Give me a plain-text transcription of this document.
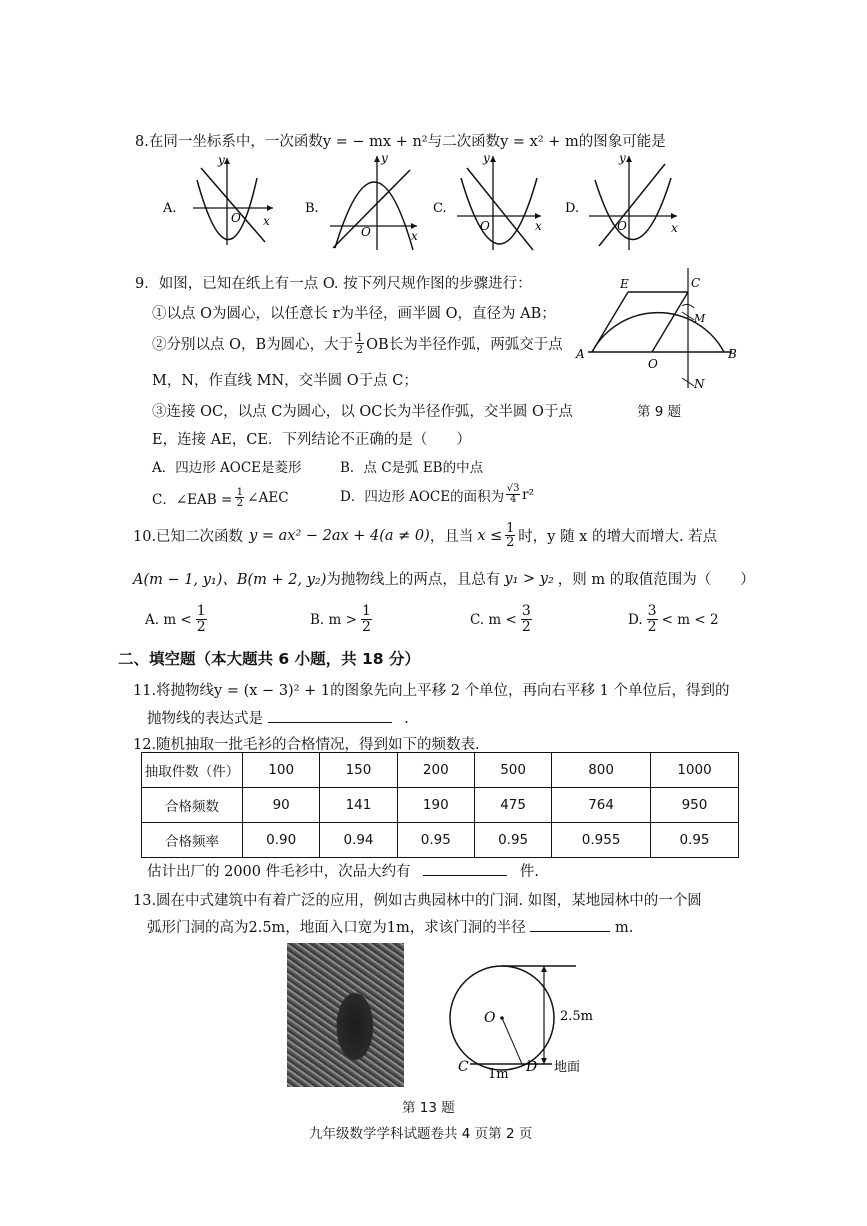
8.在同一坐标系中，一次函数y = − mx + n²与二次函数y = x² + m的图象可能是
A.
O
y
x
B.
O
y
x
C.
O
y
x
D.
O
y
x
9．如图，已知在纸上有一点 O. 按下列尺规作图的步骤进行：
①以点 O为圆心，以任意长 r为半径，画半圆 O，直径为 AB；
②分别以点 O，B为圆心，大于 1
2 OB长为半径作弧，两弧交于点
M，N，作直线 MN，交半圆 O于点 C；
③连接 OC，以点 C为圆心，以 OC长为半径作弧，交半圆 O于点
E，连接 AE，CE．下列结论不正确的是（　　）
A．四边形 AOCE是菱形	B．点 C是弧 EB的中点
C．∠EAB = 1
2 ∠AEC	D．四边形 AOCE的面积为 √3
4 r²
E	C
M
A
O
B
N
第 9 题
10.已知二次函数 y = ax² − 2ax + 4(a ≠ 0) ，且当 x ≤ 1
2 时，y 随 x 的增大而增大. 若点
A(m − 1, y₁)、B(m + 2, y₂) 为抛物线上的两点，且总有 y₁ > y₂ ，则 m 的取值范围为（　　）
A. m <
1
2	B. m >
1
2	C. m <
3
2	D.
3
2 < m < 2
二、填空题（本大题共 6 小题，共 18 分）
11.将抛物线y = (x − 3)² + 1的图象先向上平移 2 个单位，再向右平移 1 个单位后，得到的
抛物线的表达式是	.
12.随机抽取一批毛衫的合格情况，得到如下的频数表.
抽取件数（件）	100	150	200	500	800	1000
合格频数	90	141	190	475	764	950
合格频率	0.90	0.94	0.95	0.95	0.955	0.95
估计出厂的 2000 件毛衫中，次品大约有	件.
13.圆在中式建筑中有着广泛的应用，例如古典园林中的门洞. 如图，某地园林中的一个圆
弧形门洞的高为2.5m，地面入口宽为1m，求该门洞的半径	m.
O
C	D
1m
2.5m
地面
第 13 题
九年级数学学科试题卷共 4 页第 2 页
